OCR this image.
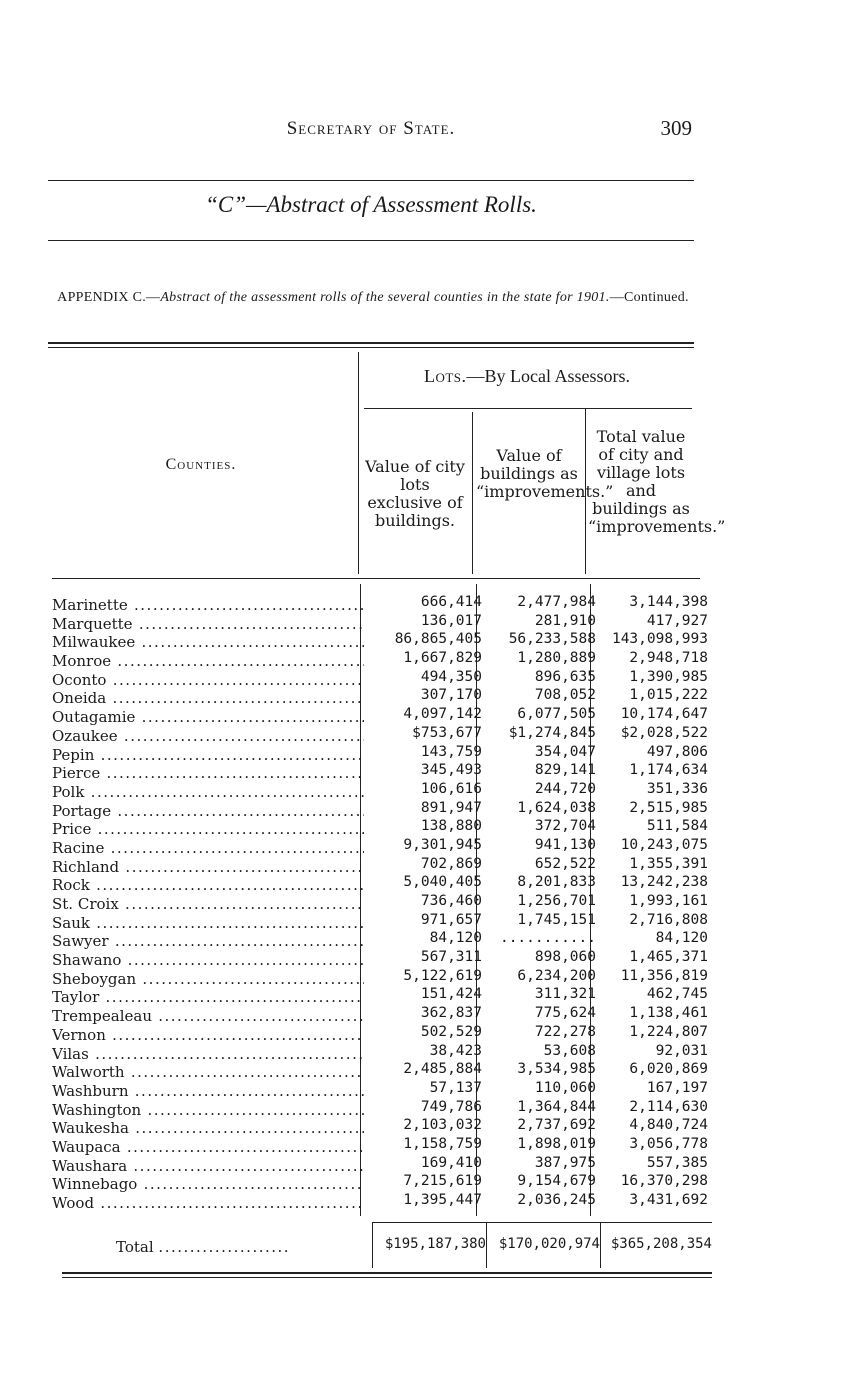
Secretary of State.	309
“C”—Abstract of Assessment Rolls.
APPENDIX C.—Abstract of the assessment rolls of the several counties in the state for 1901.—Continued.
Lots.—By Local Assessors.
Counties.	Value of city lots exclusive of buildings.
Value of buildings as “improvements.”
Total value of city and village lots and buildings as “improvements.”
Marinette .....	666,414	2,477,984	3,144,398
Marquette .....	136,017	281,910	417,927
Milwaukee .....	86,865,405	56,233,588	143,098,993
Monroe .....	1,667,829	1,280,889	2,948,718
Oconto .....	494,350	896,635	1,390,985
Oneida .....	307,170	708,052	1,015,222
Outagamie .....	4,097,142	6,077,505	10,174,647
Ozaukee .....	$753,677	$1,274,845	$2,028,522
Pepin .....	143,759	354,047	497,806
Pierce .....	345,493	829,141	1,174,634
Polk .....	106,616	244,720	351,336
Portage .....	891,947	1,624,038	2,515,985
Price .....	138,880	372,704	511,584
Racine .....	9,301,945	941,130	10,243,075
Richland .....	702,869	652,522	1,355,391
Rock .....	5,040,405	8,201,833	13,242,238
St. Croix .....	736,460	1,256,701	1,993,161
Sauk .....	971,657	1,745,151	2,716,808
Sawyer .....	84,120	...........	84,120
Shawano .....	567,311	898,060	1,465,371
Sheboygan .....	5,122,619	6,234,200	11,356,819
Taylor .....	151,424	311,321	462,745
Trempealeau .....	362,837	775,624	1,138,461
Vernon .....	502,529	722,278	1,224,807
Vilas .....	38,423	53,608	92,031
Walworth .....	2,485,884	3,534,985	6,020,869
Washburn .....	57,137	110,060	167,197
Washington .....	749,786	1,364,844	2,114,630
Waukesha .....	2,103,032	2,737,692	4,840,724
Waupaca .....	1,158,759	1,898,019	3,056,778
Waushara .....	169,410	387,975	557,385
Winnebago .....	7,215,619	9,154,679	16,370,298
Wood .....	1,395,447	2,036,245	3,431,692
Total .....................	$195,187,380 $170,020,974 $365,208,354
